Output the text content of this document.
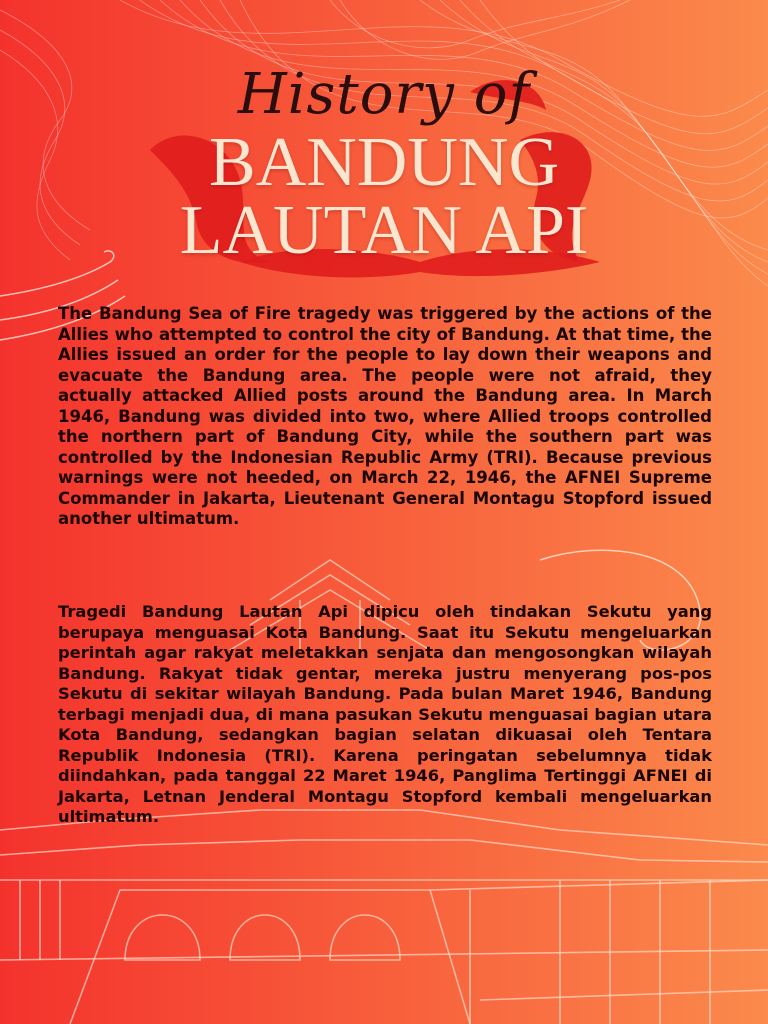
History of
BANDUNG
LAUTAN API

The Bandung Sea of Fire tragedy was triggered by the actions of the Allies who attempted to control the city of Bandung. At that time, the Allies issued an order for the people to lay down their weapons and evacuate the Bandung area. The people were not afraid, they actually attacked Allied posts around the Bandung area. In March 1946, Bandung was divided into two, where Allied troops controlled the northern part of Bandung City, while the southern part was controlled by the Indonesian Republic Army (TRI). Because previous warnings were not heeded, on March 22, 1946, the AFNEI Supreme Commander in Jakarta, Lieutenant General Montagu Stopford issued another ultimatum.

Tragedi Bandung Lautan Api dipicu oleh tindakan Sekutu yang berupaya menguasai Kota Bandung. Saat itu Sekutu mengeluarkan perintah agar rakyat meletakkan senjata dan mengosongkan wilayah Bandung. Rakyat tidak gentar, mereka justru menyerang pos-pos Sekutu di sekitar wilayah Bandung. Pada bulan Maret 1946, Bandung terbagi menjadi dua, di mana pasukan Sekutu menguasai bagian utara Kota Bandung, sedangkan bagian selatan dikuasai oleh Tentara Republik Indonesia (TRI). Karena peringatan sebelumnya tidak diindahkan, pada tanggal 22 Maret 1946, Panglima Tertinggi AFNEI di Jakarta, Letnan Jenderal Montagu Stopford kembali mengeluarkan ultimatum.
